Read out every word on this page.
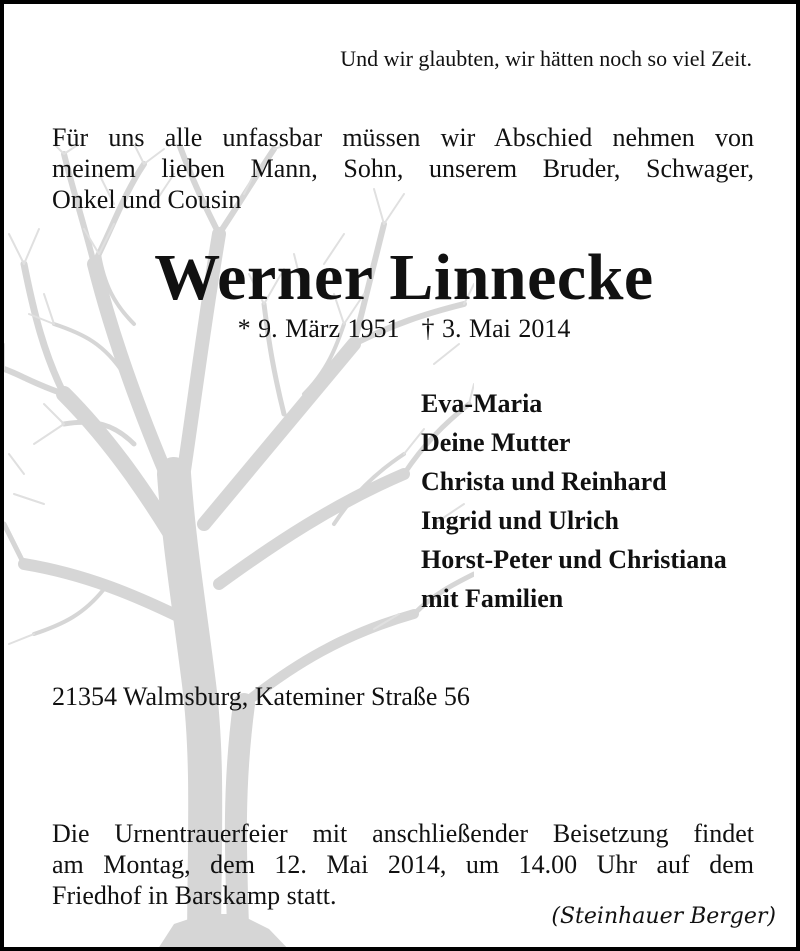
Und wir glaubten, wir hätten noch so viel Zeit.
Für uns alle unfassbar müssen wir Abschied nehmen von
meinem lieben Mann, Sohn, unserem Bruder, Schwager,
Onkel und Cousin
Werner Linnecke
* 9. März 1951 † 3. Mai 2014
Eva-Maria
Deine Mutter
Christa und Reinhard
Ingrid und Ulrich
Horst-Peter und Christiana
mit Familien
21354 Walmsburg, Kateminer Straße 56
Die Urnentrauerfeier mit anschließender Beisetzung findet
am Montag, dem 12. Mai 2014, um 14.00 Uhr auf dem
Friedhof in Barskamp statt.
(Steinhauer Berger)
